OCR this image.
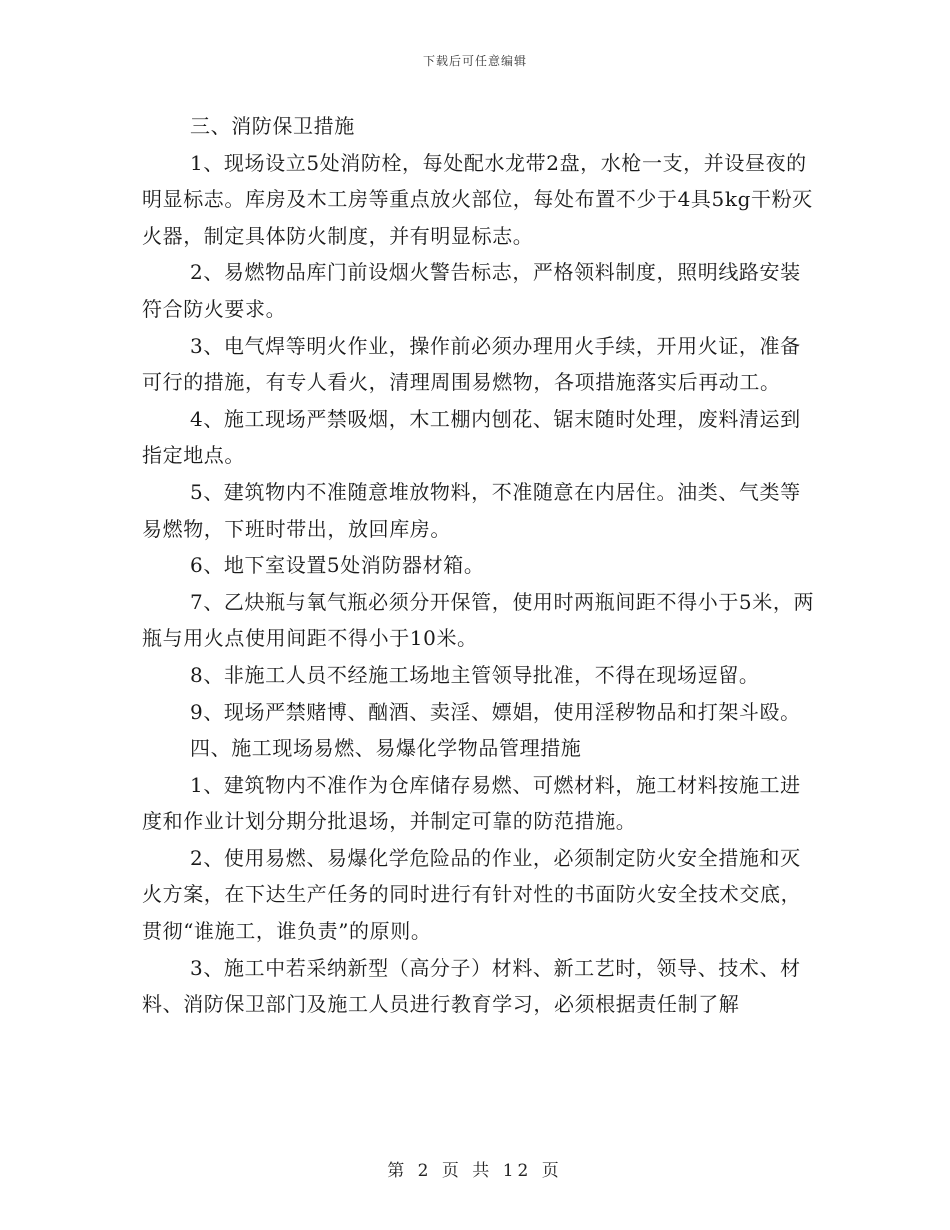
下载后可任意编辑

三、消防保卫措施

1、现场设立5处消防栓，每处配水龙带2盘，水枪一支，并设昼夜的明显标志。库房及木工房等重点放火部位，每处布置不少于4具5kg干粉灭火器，制定具体防火制度，并有明显标志。

2、易燃物品库门前设烟火警告标志，严格领料制度，照明线路安装符合防火要求。

3、电气焊等明火作业，操作前必须办理用火手续，开用火证，准备可行的措施，有专人看火，清理周围易燃物，各项措施落实后再动工。

4、施工现场严禁吸烟，木工棚内刨花、锯末随时处理，废料清运到指定地点。

5、建筑物内不准随意堆放物料，不准随意在内居住。油类、气类等易燃物，下班时带出，放回库房。

6、地下室设置5处消防器材箱。

7、乙炔瓶与氧气瓶必须分开保管，使用时两瓶间距不得小于5米，两瓶与用火点使用间距不得小于10米。

8、非施工人员不经施工场地主管领导批准，不得在现场逗留。

9、现场严禁赌博、酗酒、卖淫、嫖娼，使用淫秽物品和打架斗殴。

四、施工现场易燃、易爆化学物品管理措施

1、建筑物内不准作为仓库储存易燃、可燃材料，施工材料按施工进度和作业计划分期分批退场，并制定可靠的防范措施。

2、使用易燃、易爆化学危险品的作业，必须制定防火安全措施和灭火方案，在下达生产任务的同时进行有针对性的书面防火安全技术交底，贯彻“谁施工，谁负责”的原则。

3、施工中若采纳新型（高分子）材料、新工艺时，领导、技术、材料、消防保卫部门及施工人员进行教育学习，必须根据责任制了解

第 2 页 共 12 页
